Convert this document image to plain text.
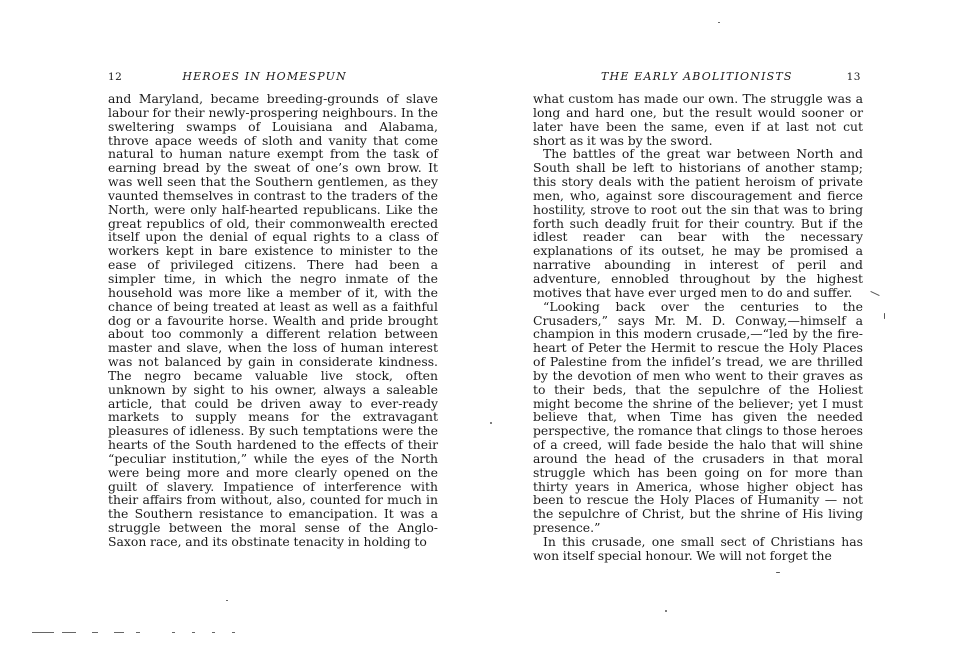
12	HEROES IN HOMESPUN

and Maryland, became breeding-grounds of slave labour for their newly-prospering neighbours. In the sweltering swamps of Louisiana and Alabama, throve apace weeds of sloth and vanity that come natural to human nature exempt from the task of earning bread by the sweat of one’s own brow. It was well seen that the Southern gentlemen, as they vaunted themselves in contrast to the traders of the North, were only half-hearted republicans. Like the great republics of old, their commonwealth erected itself upon the denial of equal rights to a class of workers kept in bare existence to minister to the ease of privileged citizens. There had been a simpler time, in which the negro inmate of the household was more like a member of it, with the chance of being treated at least as well as a faithful dog or a favourite horse. Wealth and pride brought about too commonly a different relation between master and slave, when the loss of human interest was not balanced by gain in considerate kindness. The negro became valuable live stock, often unknown by sight to his owner, always a saleable article, that could be driven away to ever-ready markets to supply means for the extravagant pleasures of idleness. By such temptations were the hearts of the South hardened to the effects of their “peculiar institution,” while the eyes of the North were being more and more clearly opened on the guilt of slavery. Impatience of interference with their affairs from without, also, counted for much in the Southern resistance to emancipation. It was a struggle between the moral sense of the Anglo-Saxon race, and its obstinate tenacity in holding to

THE EARLY ABOLITIONISTS	13

what custom has made our own. The struggle was a long and hard one, but the result would sooner or later have been the same, even if at last not cut short as it was by the sword.

The battles of the great war between North and South shall be left to historians of another stamp; this story deals with the patient heroism of private men, who, against sore discouragement and fierce hostility, strove to root out the sin that was to bring forth such deadly fruit for their country. But if the idlest reader can bear with the necessary explanations of its outset, he may be promised a narrative abounding in interest of peril and adventure, ennobled throughout by the highest motives that have ever urged men to do and suffer.

“Looking back over the centuries to the Crusaders,” says Mr. M. D. Conway,—himself a champion in this modern crusade,—“led by the fire-heart of Peter the Hermit to rescue the Holy Places of Palestine from the infidel’s tread, we are thrilled by the devotion of men who went to their graves as to their beds, that the sepulchre of the Holiest might become the shrine of the believer; yet I must believe that, when Time has given the needed perspective, the romance that clings to those heroes of a creed, will fade beside the halo that will shine around the head of the crusaders in that moral struggle which has been going on for more than thirty years in America, whose higher object has been to rescue the Holy Places of Humanity — not the sepulchre of Christ, but the shrine of His living presence.”

In this crusade, one small sect of Christians has won itself special honour. We will not forget the
